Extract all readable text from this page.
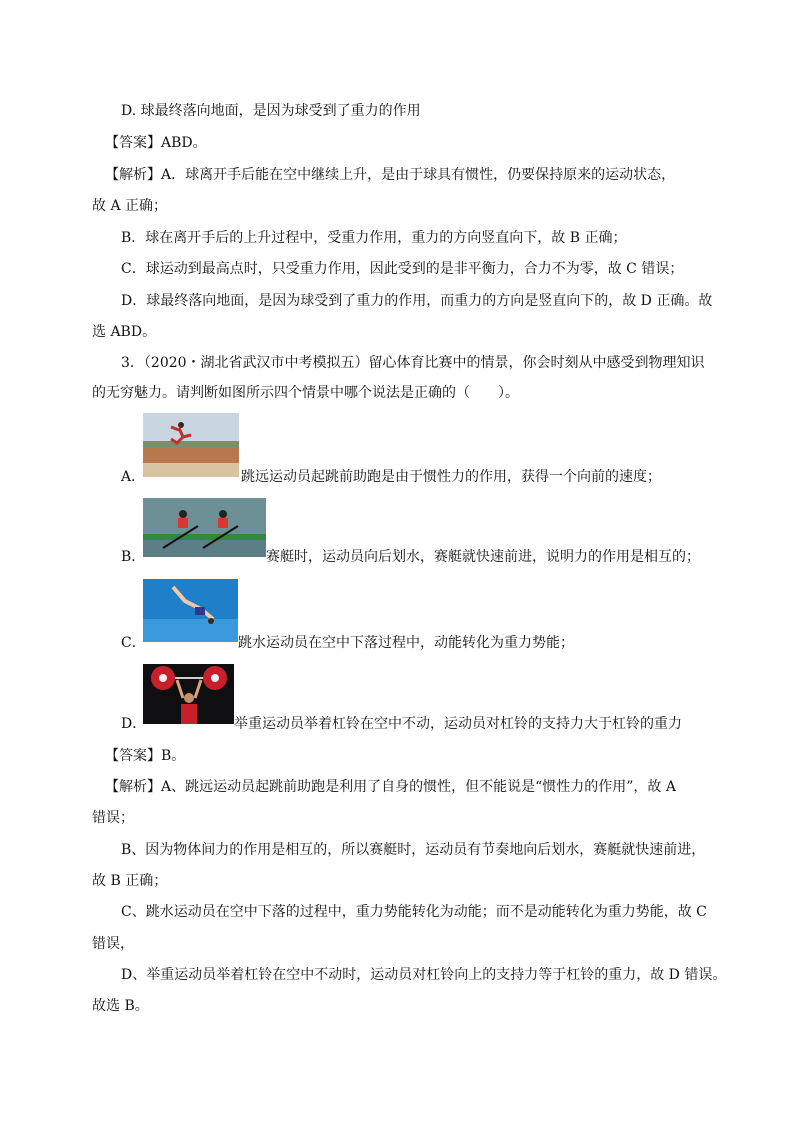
D. 球最终落向地面，是因为球受到了重力的作用
【答案】ABD。
【解析】A．球离开手后能在空中继续上升，是由于球具有惯性，仍要保持原来的运动状态，
故 A 正确；
B．球在离开手后的上升过程中，受重力作用，重力的方向竖直向下，故 B 正确；
C．球运动到最高点时，只受重力作用，因此受到的是非平衡力，合力不为零，故 C 错误；
D．球最终落向地面，是因为球受到了重力的作用，而重力的方向是竖直向下的，故 D 正确。故
选 ABD。
3．（2020・湖北省武汉市中考模拟五）留心体育比赛中的情景，你会时刻从中感受到物理知识
的无穷魅力。请判断如图所示四个情景中哪个说法是正确的（　　）。
A．	跳远运动员起跳前助跑是由于惯性力的作用，获得一个向前的速度；
B．	赛艇时，运动员向后划水，赛艇就快速前进，说明力的作用是相互的；
C．	跳水运动员在空中下落过程中，动能转化为重力势能；
D．	举重运动员举着杠铃在空中不动，运动员对杠铃的支持力大于杠铃的重力
【答案】B。
【解析】A、跳远运动员起跳前助跑是利用了自身的惯性，但不能说是“惯性力的作用”，故 A
错误；
B、因为物体间力的作用是相互的，所以赛艇时，运动员有节奏地向后划水，赛艇就快速前进，
故 B 正确；
C、跳水运动员在空中下落的过程中，重力势能转化为动能；而不是动能转化为重力势能，故 C
错误，
D、举重运动员举着杠铃在空中不动时，运动员对杠铃向上的支持力等于杠铃的重力，故 D 错误。
故选 B。
